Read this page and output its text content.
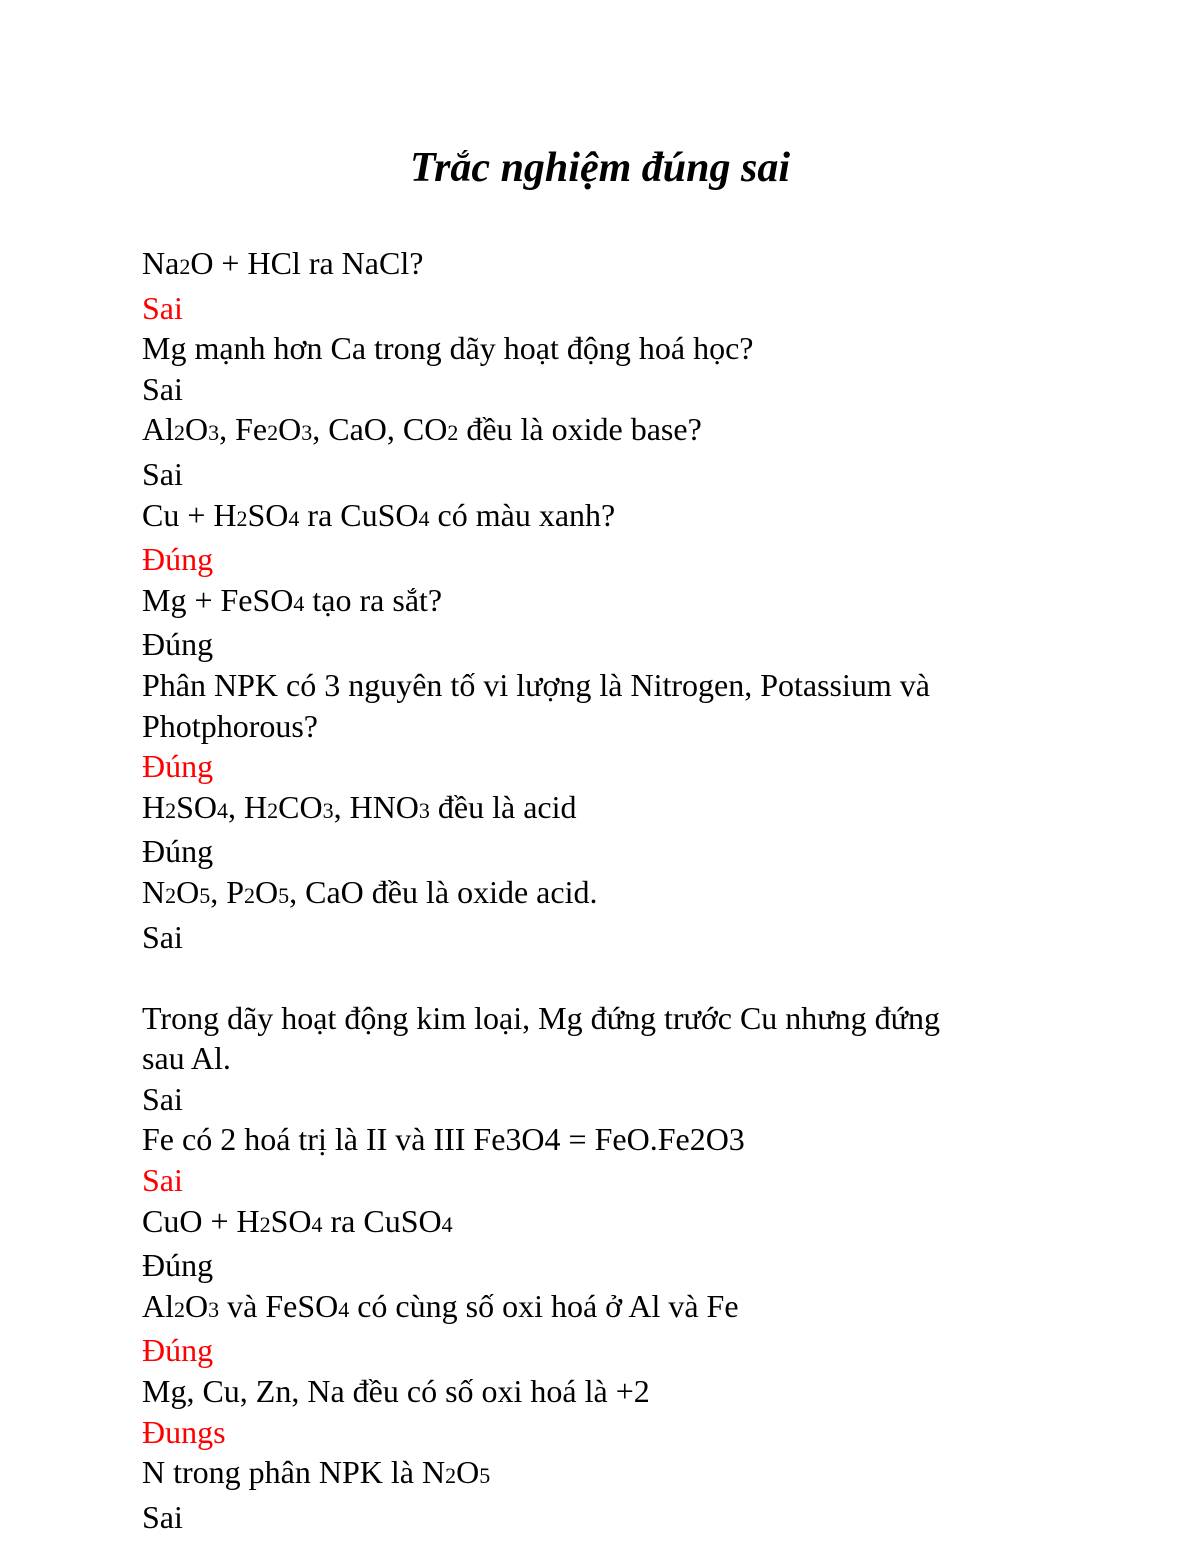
Trắc nghiệm đúng sai
Na2O + HCl ra NaCl?
Sai
Mg mạnh hơn Ca trong dãy hoạt động hoá học?
Sai
Al2O3, Fe2O3, CaO, CO2 đều là oxide base?
Sai
Cu + H2SO4 ra CuSO4 có màu xanh?
Đúng
Mg + FeSO4 tạo ra sắt?
Đúng
Phân NPK có 3 nguyên tố vi lượng là Nitrogen, Potassium và
Photphorous?
Đúng
H2SO4, H2CO3, HNO3 đều là acid
Đúng
N2O5, P2O5, CaO đều là oxide acid.
Sai
Trong dãy hoạt động kim loại, Mg đứng trước Cu nhưng đứng
sau Al.
Sai
Fe có 2 hoá trị là II và III Fe3O4 = FeO.Fe2O3
Sai
CuO + H2SO4 ra CuSO4
Đúng
Al2O3 và FeSO4 có cùng số oxi hoá ở Al và Fe
Đúng
Mg, Cu, Zn, Na đều có số oxi hoá là +2
Đungs
N trong phân NPK là N2O5
Sai
